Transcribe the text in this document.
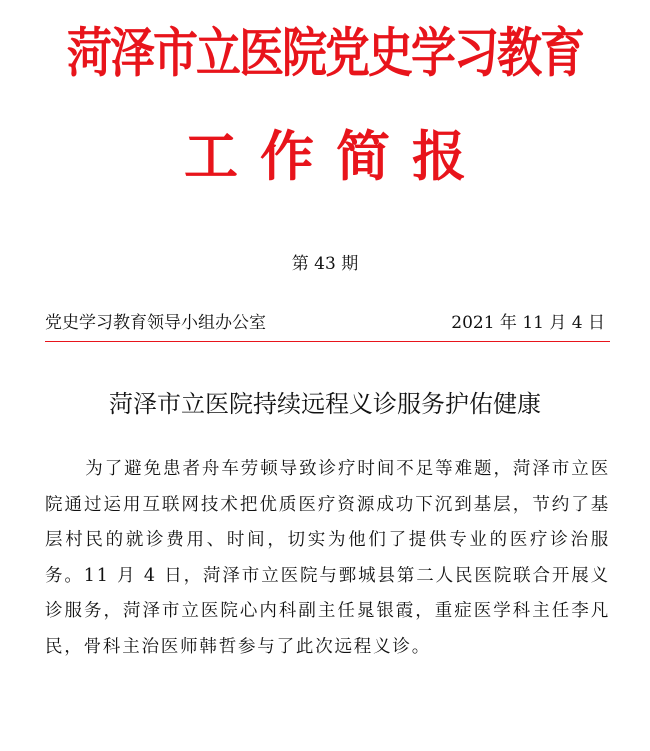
菏泽市立医院党史学习教育
工作简报
第 43 期
党史学习教育领导小组办公室	2021 年 11 月 4 日
菏泽市立医院持续远程义诊服务护佑健康

为了避免患者舟车劳顿导致诊疗时间不足等难题，菏泽市立医院通过运用互联网技术把优质医疗资源成功下沉到基层，节约了基层村民的就诊费用、时间，切实为他们了提供专业的医疗诊治服务。11 月 4 日，菏泽市立医院与鄄城县第二人民医院联合开展义诊服务，菏泽市立医院心内科副主任晁银霞，重症医学科主任李凡民，骨科主治医师韩哲参与了此次远程义诊。
